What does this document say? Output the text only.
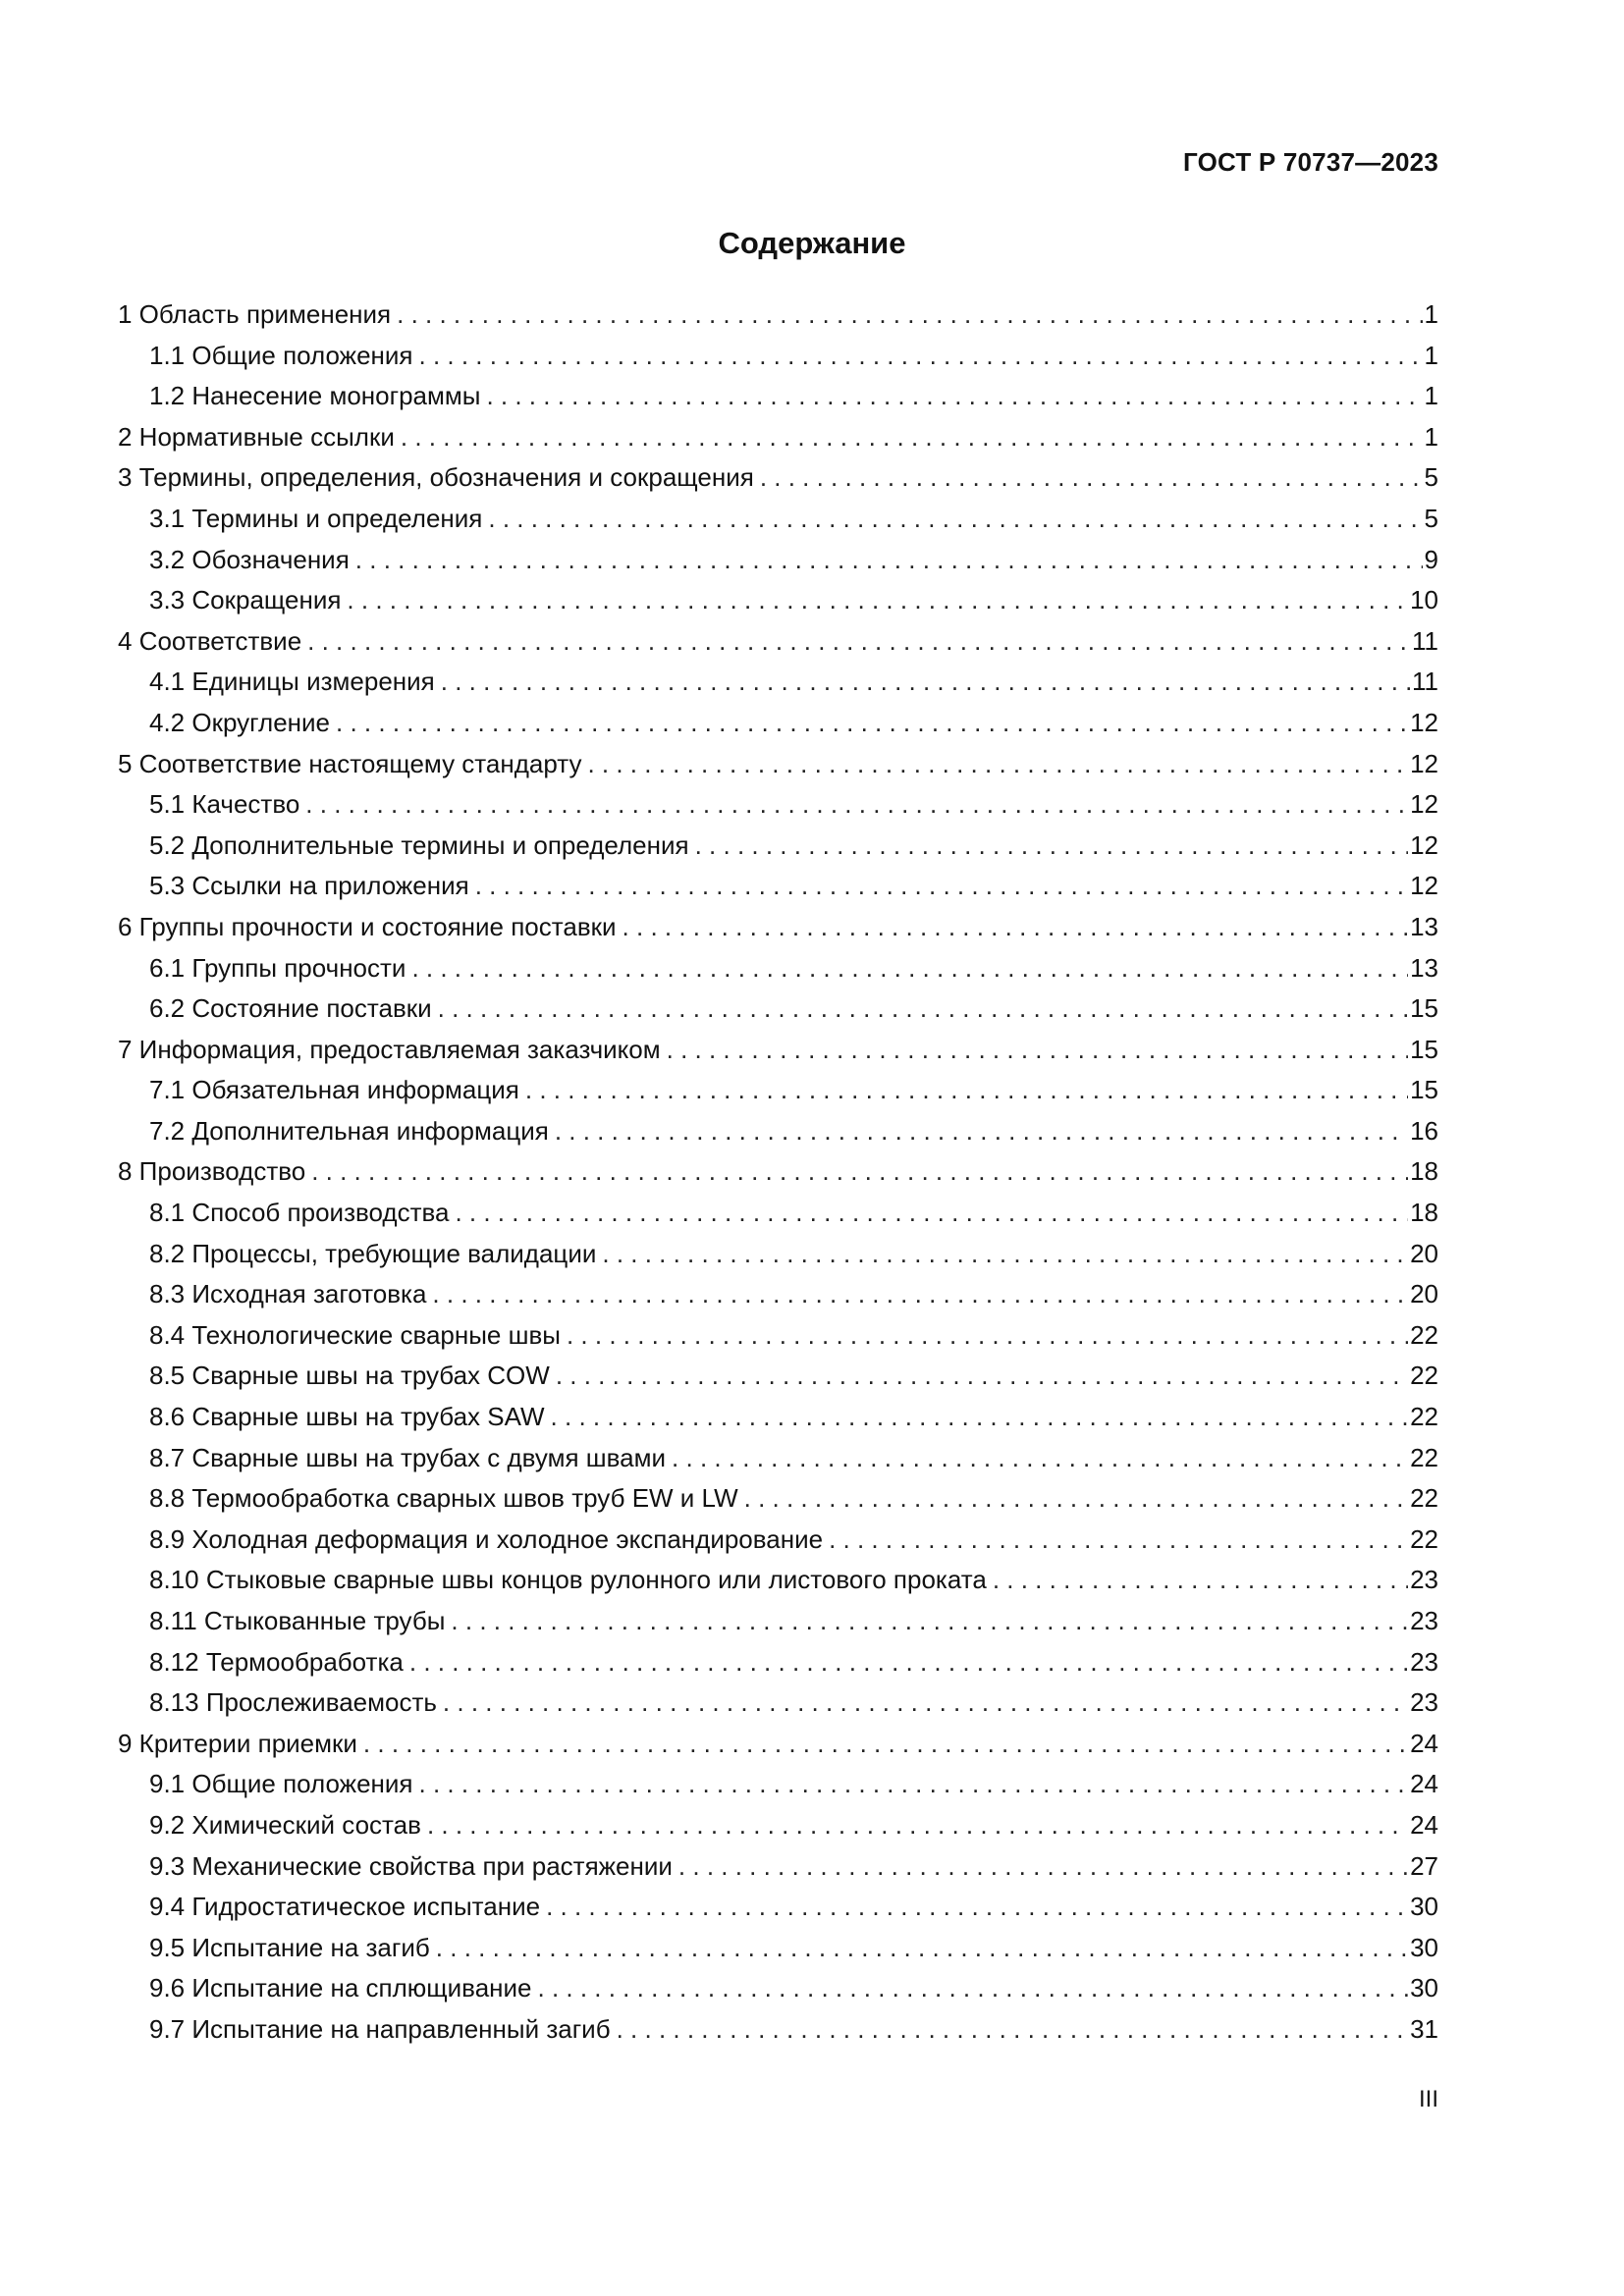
ГОСТ Р 70737—2023
Содержание
1 Область применения . . .	1
1.1 Общие положения . . .	1
1.2 Нанесение монограммы . . .	1
2 Нормативные ссылки . . .	1
3 Термины, определения, обозначения и сокращения . . .	5
3.1 Термины и определения . . .	5
3.2 Обозначения . . .	9
3.3 Сокращения . . .	10
4 Соответствие . . .	11
4.1 Единицы измерения . . .	11
4.2 Округление . . .	12
5 Соответствие настоящему стандарту . . .	12
5.1 Качество . . .	12
5.2 Дополнительные термины и определения . . .	12
5.3 Ссылки на приложения . . .	12
6 Группы прочности и состояние поставки . . .	13
6.1 Группы прочности . . .	13
6.2 Состояние поставки . . .	15
7 Информация, предоставляемая заказчиком . . .	15
7.1 Обязательная информация . . .	15
7.2 Дополнительная информация . . .	16
8 Производство . . .	18
8.1 Способ производства . . .	18
8.2 Процессы, требующие валидации . . .	20
8.3 Исходная заготовка . . .	20
8.4 Технологические сварные швы . . .	22
8.5 Сварные швы на трубах COW . . .	22
8.6 Сварные швы на трубах SAW . . .	22
8.7 Сварные швы на трубах с двумя швами . . .	22
8.8 Термообработка сварных швов труб EW и LW . . .	22
8.9 Холодная деформация и холодное экспандирование . . .	22
8.10 Стыковые сварные швы концов рулонного или листового проката . . .	23
8.11 Стыкованные трубы . . .	23
8.12 Термообработка . . .	23
8.13 Прослеживаемость . . .	23
9 Критерии приемки . . .	24
9.1 Общие положения . . .	24
9.2 Химический состав . . .	24
9.3 Механические свойства при растяжении . . .	27
9.4 Гидростатическое испытание . . .	30
9.5 Испытание на загиб . . .	30
9.6 Испытание на сплющивание . . .	30
9.7 Испытание на направленный загиб . . .	31
III
